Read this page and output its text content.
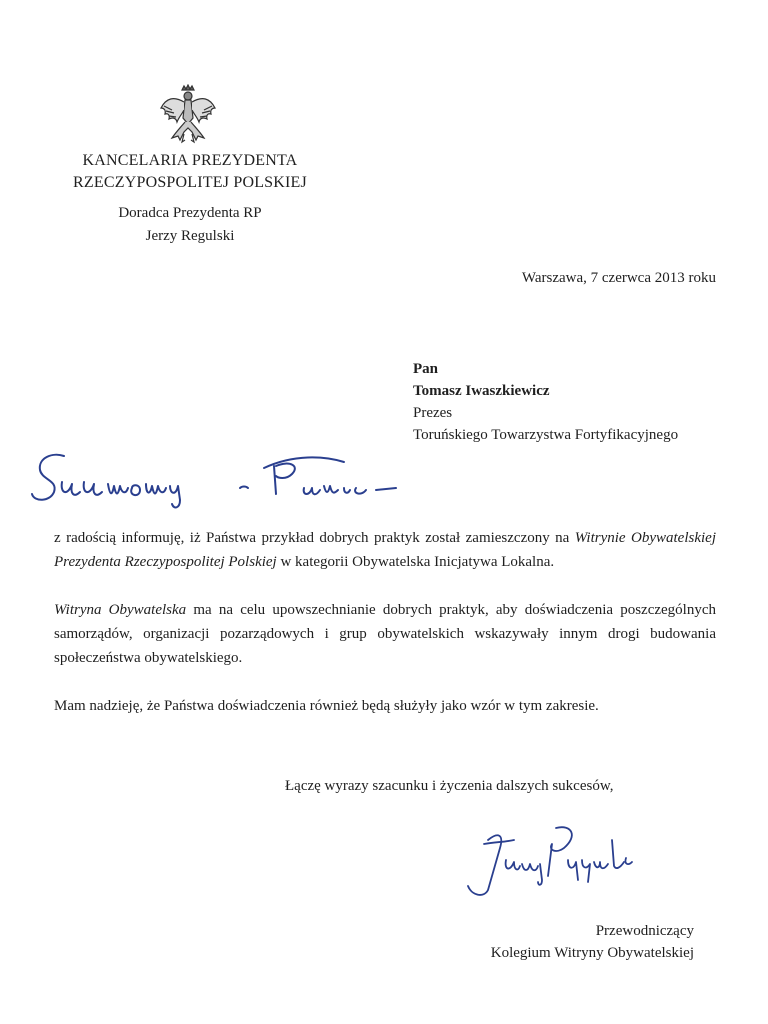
KANCELARIA PREZYDENTA
RZECZYPOSPOLITEJ POLSKIEJ
Doradca Prezydenta RP
Jerzy Regulski
Warszawa, 7 czerwca 2013 roku
Pan
Tomasz Iwaszkiewicz
Prezes
Toruńskiego Towarzystwa Fortyfikacyjnego
z radością informuję, iż Państwa przykład dobrych praktyk został zamieszczony na Witrynie Obywatelskiej Prezydenta Rzeczypospolitej Polskiej w kategorii Obywatelska Inicjatywa Lokalna.
Witryna Obywatelska ma na celu upowszechnianie dobrych praktyk, aby doświadczenia poszczególnych samorządów, organizacji pozarządowych i grup obywatelskich wskazywały innym drogi budowania społeczeństwa obywatelskiego.
Mam nadzieję, że Państwa doświadczenia również będą służyły jako wzór w tym zakresie.
Łączę wyrazy szacunku i życzenia dalszych sukcesów,
Przewodniczący
Kolegium Witryny Obywatelskiej
